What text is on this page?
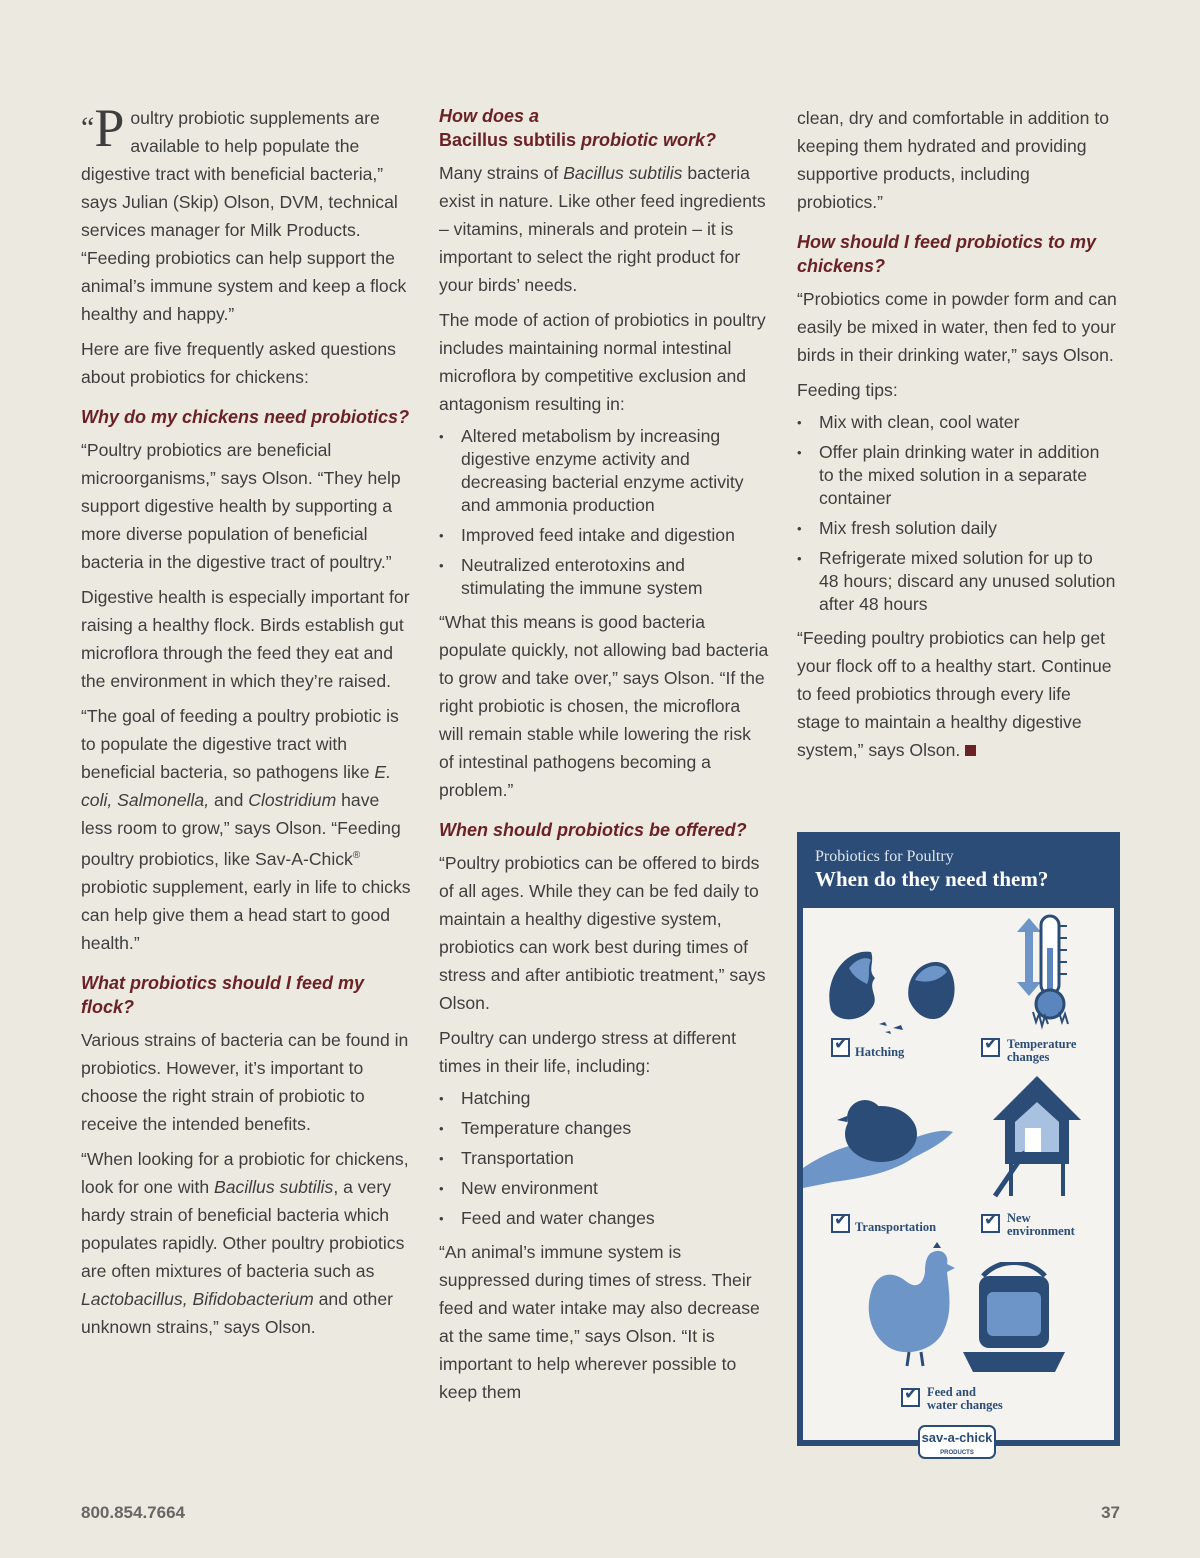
“P oultry probiotic supplements are available to help populate the digestive tract with beneficial bacteria,” says Julian (Skip) Olson, DVM, technical services manager for Milk Products. “Feeding probiotics can help support the animal’s immune system and keep a flock healthy and happy.”

Here are five frequently asked questions about probiotics for chickens:

Why do my chickens need probiotics?

“Poultry probiotics are beneficial microorganisms,” says Olson. “They help support digestive health by supporting a more diverse population of beneficial bacteria in the digestive tract of poultry.”

Digestive health is especially important for raising a healthy flock. Birds establish gut microflora through the feed they eat and the environment in which they’re raised.

“The goal of feeding a poultry probiotic is to populate the digestive tract with beneficial bacteria, so pathogens like E. coli, Salmonella, and Clostridium have less room to grow,” says Olson. “Feeding poultry probiotics, like Sav-A-Chick® probiotic supplement, early in life to chicks can help give them a head start to good health.”

What probiotics should I feed my flock?

Various strains of bacteria can be found in probiotics. However, it’s important to choose the right strain of probiotic to receive the intended benefits.

“When looking for a probiotic for chickens, look for one with Bacillus subtilis, a very hardy strain of beneficial bacteria which populates rapidly. Other poultry probiotics are often mixtures of bacteria such as Lactobacillus, Bifidobacterium and other unknown strains,” says Olson.

How does a
Bacillus subtilis probiotic work?

Many strains of Bacillus subtilis bacteria exist in nature. Like other feed ingredients – vitamins, minerals and protein – it is important to select the right product for your birds’ needs.

The mode of action of probiotics in poultry includes maintaining normal intestinal microflora by competitive exclusion and antagonism resulting in:

• Altered metabolism by increasing digestive enzyme activity and decreasing bacterial enzyme activity and ammonia production
• Improved feed intake and digestion
• Neutralized enterotoxins and stimulating the immune system

“What this means is good bacteria populate quickly, not allowing bad bacteria to grow and take over,” says Olson. “If the right probiotic is chosen, the microflora will remain stable while lowering the risk of intestinal pathogens becoming a problem.”

When should probiotics be offered?

“Poultry probiotics can be offered to birds of all ages. While they can be fed daily to maintain a healthy digestive system, probiotics can work best during times of stress and after antibiotic treatment,” says Olson.

Poultry can undergo stress at different times in their life, including:

• Hatching
• Temperature changes
• Transportation
• New environment
• Feed and water changes

“An animal’s immune system is suppressed during times of stress. Their feed and water intake may also decrease at the same time,” says Olson. “It is important to help wherever possible to keep them

clean, dry and comfortable in addition to keeping them hydrated and providing supportive products, including probiotics.”

How should I feed probiotics to my chickens?

“Probiotics come in powder form and can easily be mixed in water, then fed to your birds in their drinking water,” says Olson.

Feeding tips:

• Mix with clean, cool water
• Offer plain drinking water in addition to the mixed solution in a separate container
• Mix fresh solution daily
• Refrigerate mixed solution for up to 48 hours; discard any unused solution after 48 hours

“Feeding poultry probiotics can help get your flock off to a healthy start. Continue to feed probiotics through every life stage to maintain a healthy digestive system,” says Olson.

Probiotics for Poultry
When do they need them?
✔
Hatching
✔
Temperature
changes
✔
Transportation
✔
New
environment
✔
Feed and
water changes
sav-a-chick
PRODUCTS
800.854.7664	37
